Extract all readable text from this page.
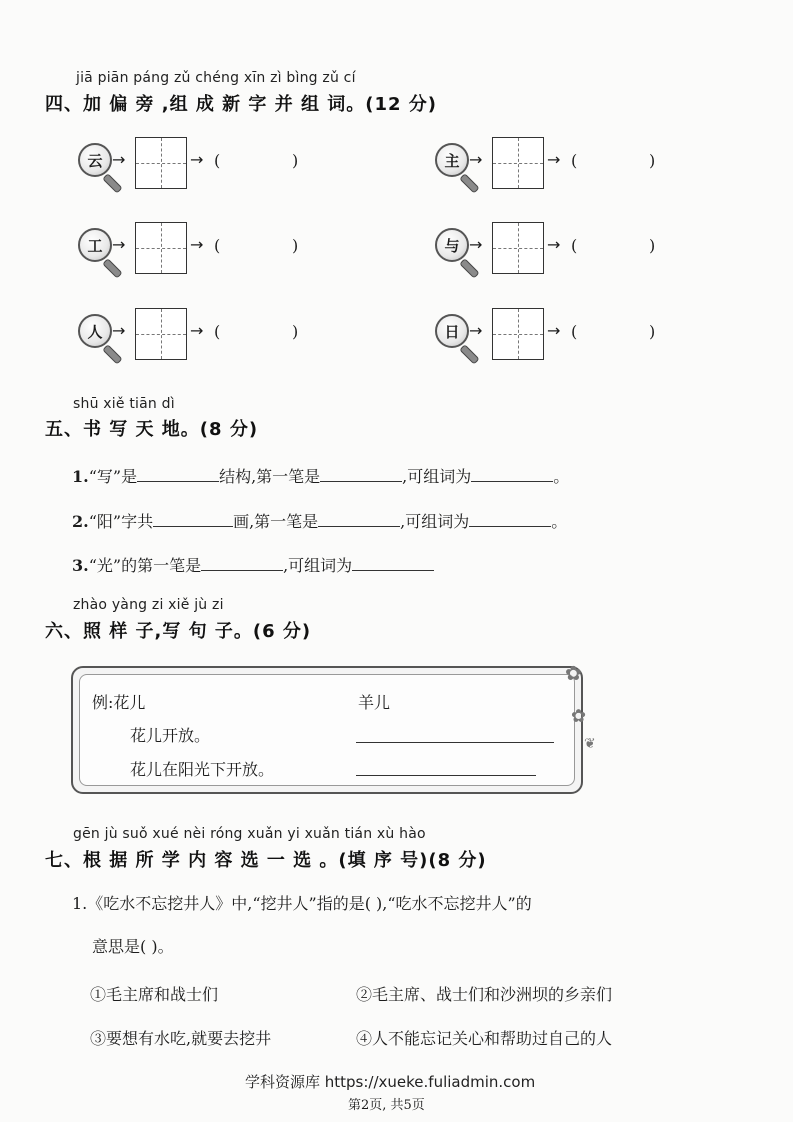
jiā piān páng zǔ chéng xīn zì bìng zǔ cí
四、加 偏 旁 ,组 成 新 字 并 组 词。(12 分)
云 →	→ (	)	主 →	→ (	)
工 →	→ (	)	与 →	→ (	)
人 →	→ (	)	日 →	→ (	)
shū xiě tiān dì
五、书 写 天 地。(8 分)
1.“写”是	结构,第一笔是	,可组词为	。
2.“阳”字共	画,第一笔是	,可组词为	。
3.“光”的第一笔是	,可组词为
zhào yàng zi xiě jù zi
六、照 样 子,写 句 子。(6 分)
例:花儿
花儿开放。
花儿在阳光下开放。
羊儿
✿
✿
❦
gēn jù suǒ xué nèi róng xuǎn yi xuǎn tián xù hào
七、根 据 所 学 内 容 选 一 选 。(填 序 号)(8 分)
1.《吃水不忘挖井人》中,“挖井人”指的是( ),“吃水不忘挖井人”的
意思是( )。
①毛主席和战士们	②毛主席、战士们和沙洲坝的乡亲们
③要想有水吃,就要去挖井	④人不能忘记关心和帮助过自己的人
学科资源库 https://xueke.fuliadmin.com
第2页, 共5页
